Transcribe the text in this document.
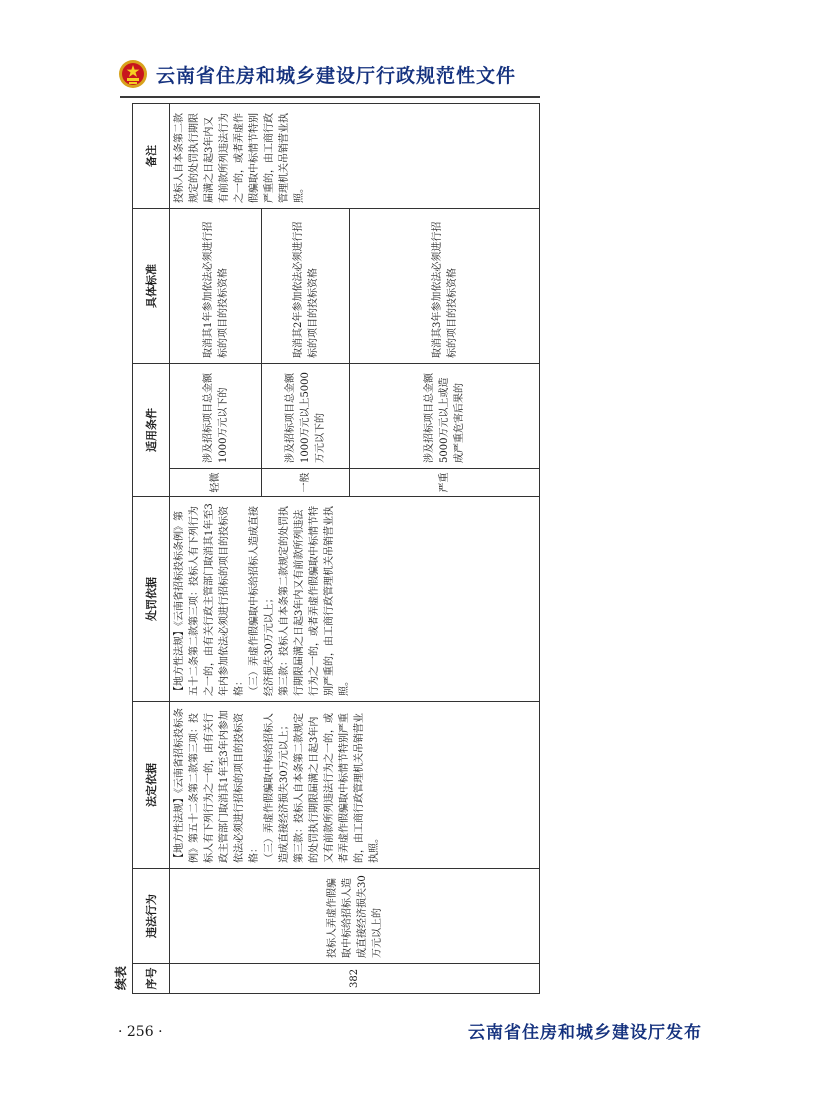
云南省住房和城乡建设厅行政规范性文件
续表	序号	违法行为	法定依据	处罚依据	适用条件		具体标准	备注
382	投标人弄虚作假骗取中标给招标人造成直接经济损失30万元以上的	【地方性法规】《云南省招标投标条例》第五十二条第二款第三项：投标人有下列行为之一的，由有关行政主管部门取消其1年至3年内参加依法必须进行招标的项目的投标资格： （三）弄虚作假骗取中标给招标人造成直接经济损失30万元以上； 第三款：投标人自本条第二款规定的处罚执行期限届满之日起3年内又有前款所列违法行为之一的，或者弄虚作假骗取中标情节特别严重的，由工商行政管理机关吊销营业执照。	【地方性法规】《云南省招标投标条例》第五十二条第二款第三项：投标人有下列行为之一的，由有关行政主管部门取消其1年至3年内参加依法必须进行招标的项目的投标资格： （三）弄虚作假骗取中标给招标人造成直接经济损失30万元以上； 第三款：投标人自本条第二款规定的处罚执行期限届满之日起3年内又有前款所列违法行为之一的，或者弄虚作假骗取中标情节特别严重的，由工商行政管理机关吊销营业执照。	轻微	涉及招标项目总金额1000万元以下的	取消其1年参加依法必须进行招标的项目的投标资格	投标人自本条第二款规定的处罚执行期限届满之日起3年内又有前款所列违法行为之一的，或者弄虚作假骗取中标情节特别严重的，由工商行政管理机关吊销营业执照。
				一般	涉及招标项目总金额1000万元以上5000万元以下的	取消其2年参加依法必须进行招标的项目的投标资格	
				严重	涉及招标项目总金额5000万元以上或造成严重危害后果的	取消其3年参加依法必须进行招标的项目的投标资格	
· 256 ·	云南省住房和城乡建设厅发布
